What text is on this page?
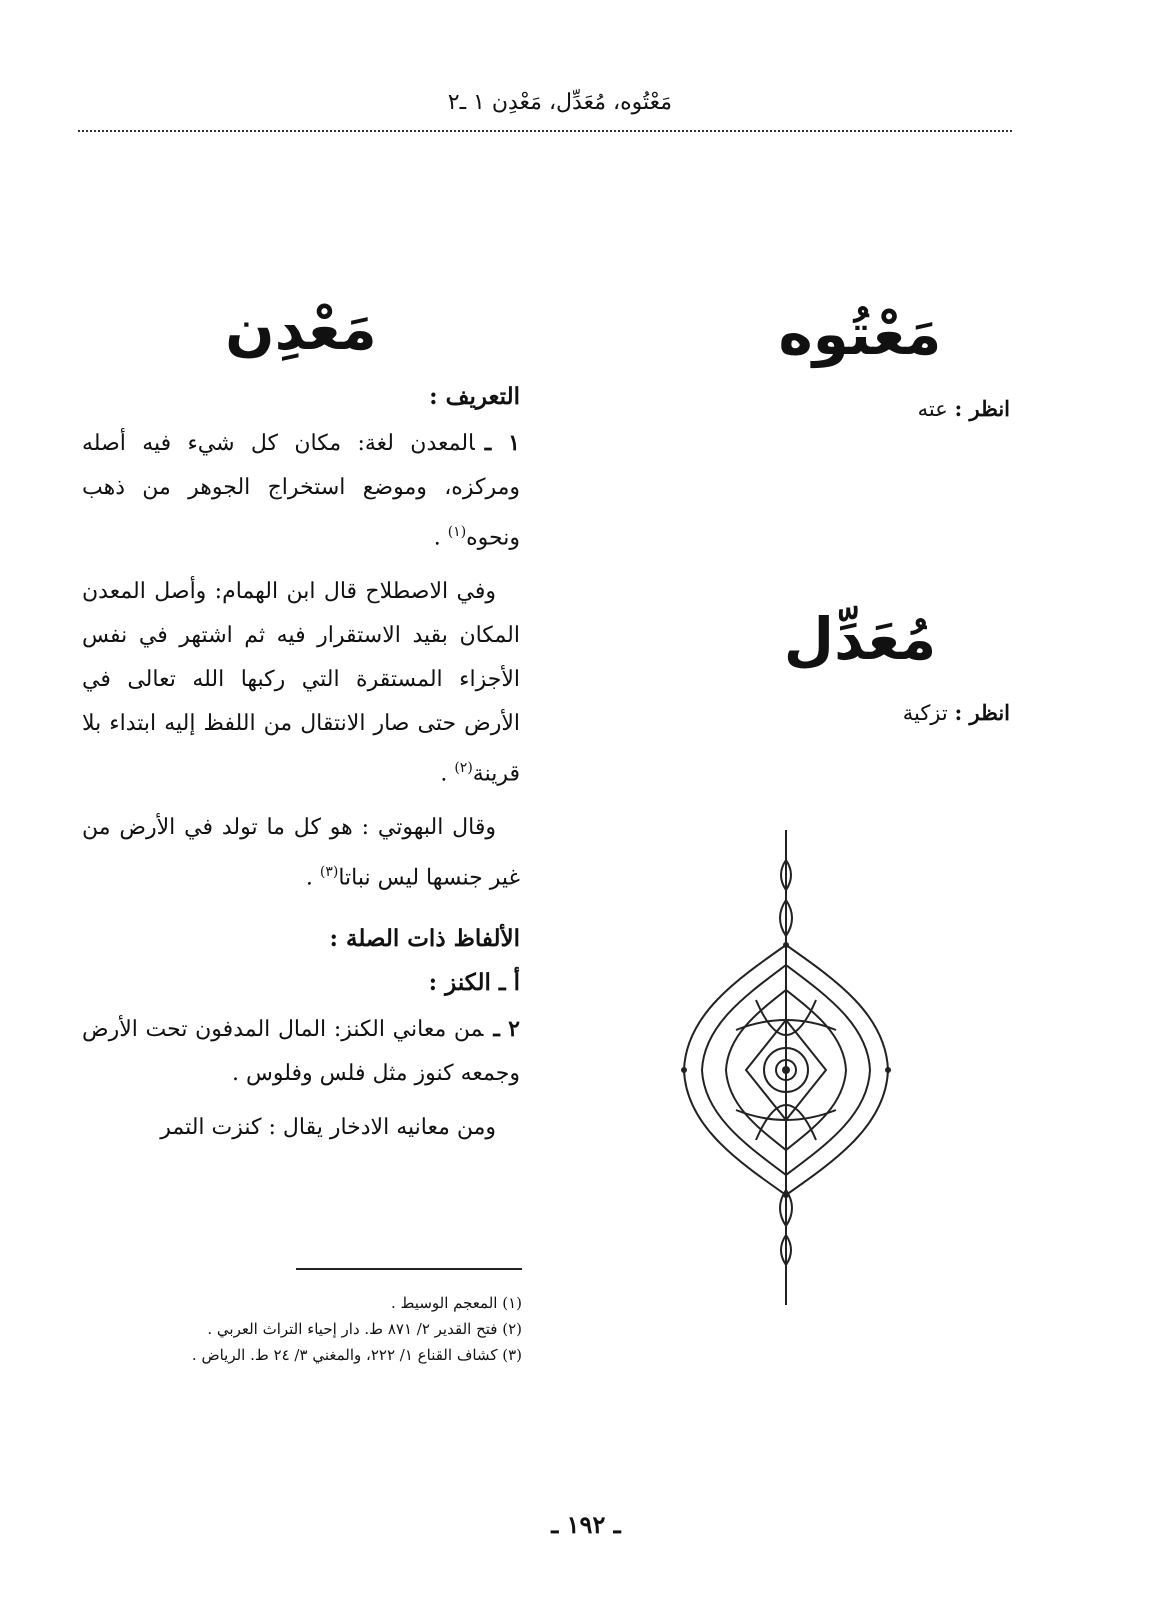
مَعْتُوه، مُعَدِّل، مَعْدِن ١ ـ٢
مَعْتُوه
انظر : عته
مُعَدِّل
انظر : تزكية
مَعْدِن
التعريف :

١ ـالمعدن لغة: مكان كل شيء فيه أصله ومركزه، وموضع استخراج الجوهر من ذهب ونحوه$^{(١)}$ .

وفي الاصطلاح قال ابن الهمام: وأصل المعدن المكان بقيد الاستقرار فيه ثم اشتهر في نفس الأجزاء المستقرة التي ركبها الله تعالى في الأرض حتى صار الانتقال من اللفظ إليه ابتداء بلا قرينة$^{(٢)}$ .

وقال البهوتي : هو كل ما تولد في الأرض من غير جنسها ليس نباتا$^{(٣)}$ .

الألفاظ ذات الصلة :
أ ـ الكنز :

٢ ـمن معاني الكنز: المال المدفون تحت الأرض وجمعه كنوز مثل فلس وفلوس .

ومن معانيه الادخار يقال : كنزت التمر

(١) المعجم الوسيط .
(٢) فتح القدير ٢/ ٨٧١ ط. دار إحياء التراث العربي .
(٣) كشاف القناع ١/ ٢٢٢، والمغني ٣/ ٢٤ ط. الرياض .
ـ ١٩٢ ـ
